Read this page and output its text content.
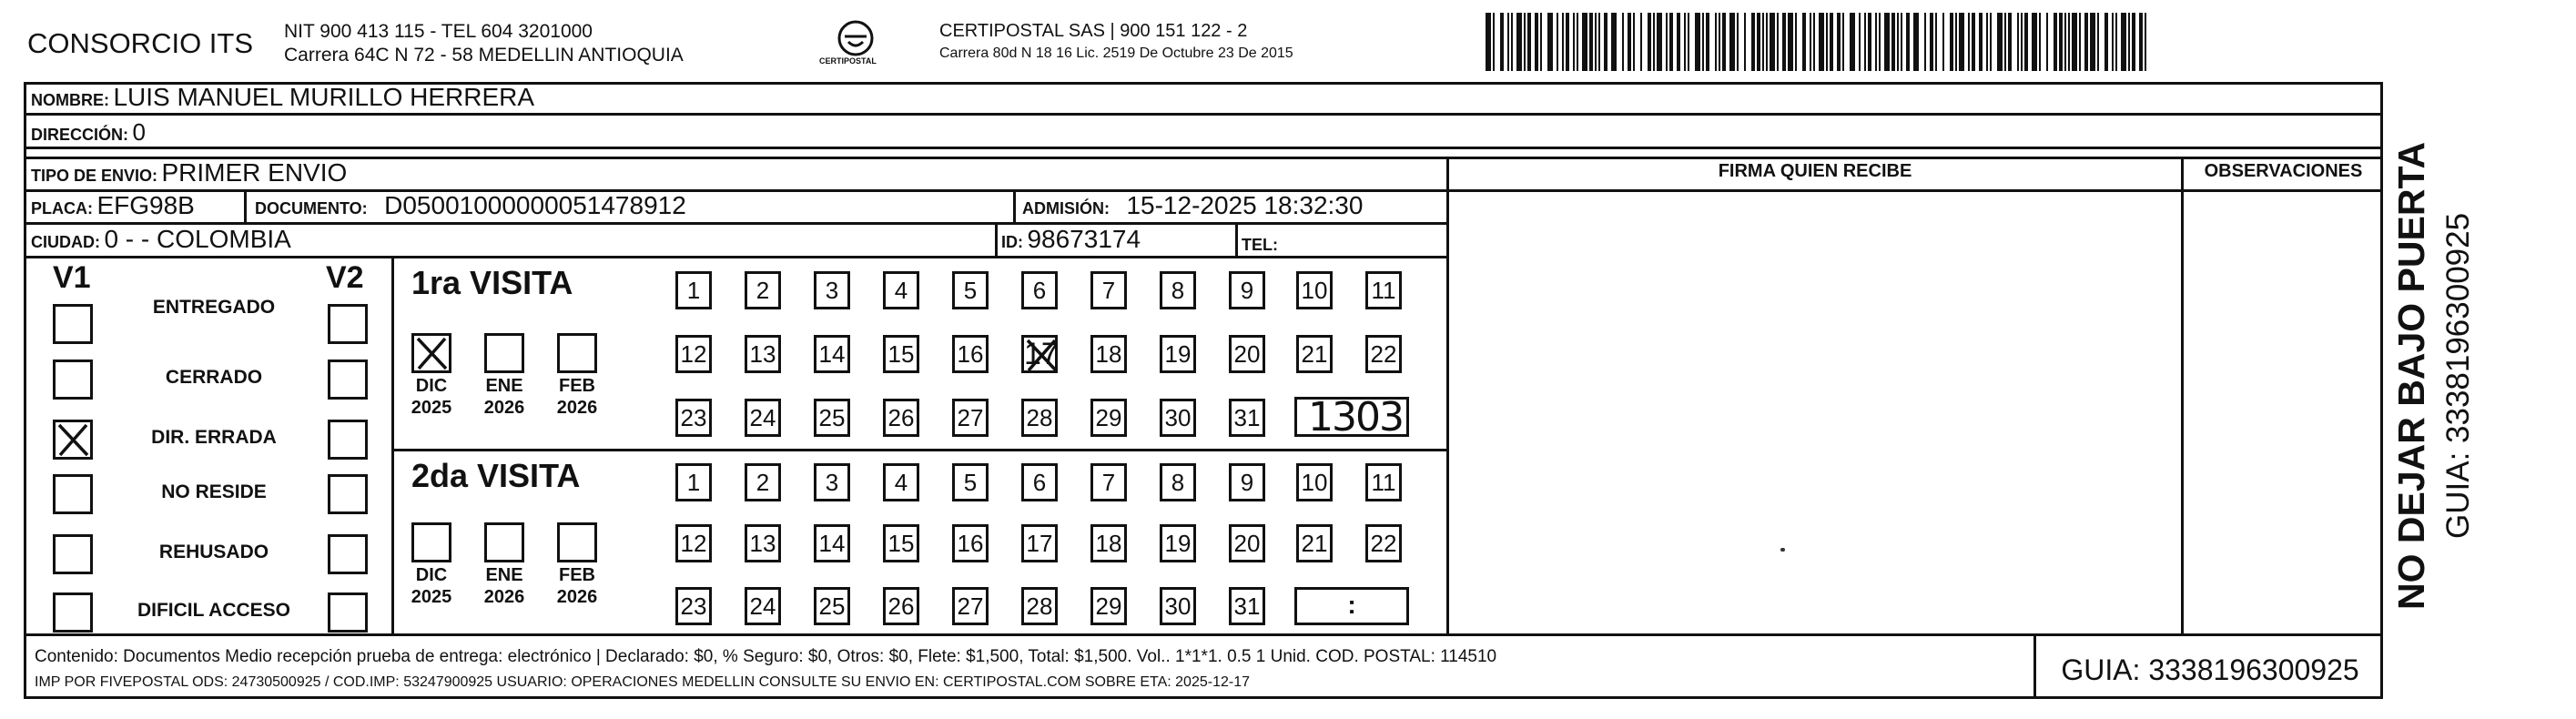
CONSORCIO ITS NIT 900 413 115 - TEL 604 3201000
Carrera 64C N 72 - 58 MEDELLIN ANTIOQUIA	CERTIPOSTAL
CERTIPOSTAL SAS | 900 151 122 - 2
Carrera 80d N 18 16 Lic. 2519 De Octubre 23 De 2015
NOMBRE: LUIS MANUEL MURILLO HERRERA
DIRECCIÓN: 0
TIPO DE ENVIO: PRIMER ENVIO
PLACA: EFG98B	DOCUMENTO: D05001000000051478912	ADMISIÓN: 15-12-2025 18:32:30
CIUDAD: 0 - - COLOMBIA	ID: 98673174	TEL:
FIRMA QUIEN RECIBE	OBSERVACIONES
V1	V2
ENTREGADO
CERRADO
DIR. ERRADA
NO RESIDE
REHUSADO
DIFICIL ACCESO
1ra VISITA
DIC
2025
ENE
2026
FEB
2026
1	2	3	4	5	6	7	8	9	10 11
12 13 14 15 16 17 18 19 20 21 22
23 24 25 26 27 28 29 30 31 1303
2da VISITA
DIC
2025
ENE
2026
FEB
2026
1	2	3	4	5	6	7	8	9	10 11
12 13 14 15 16 17 18 19 20 21 22
23 24 25 26 27 28 29 30 31	:
Contenido: Documentos Medio recepción prueba de entrega: electrónico | Declarado: $0, % Seguro: $0, Otros: $0, Flete: $1,500, Total: $1,500. Vol.. 1*1*1. 0.5 1 Unid. COD. POSTAL: 114510
IMP POR FIVEPOSTAL ODS: 24730500925 / COD.IMP: 53247900925 USUARIO: OPERACIONES MEDELLIN CONSULTE SU ENVIO EN: CERTIPOSTAL.COM SOBRE ETA: 2025-12-17	GUIA: 3338196300925
NO DEJAR BAJO PUERTA GUIA: 3338196300925
